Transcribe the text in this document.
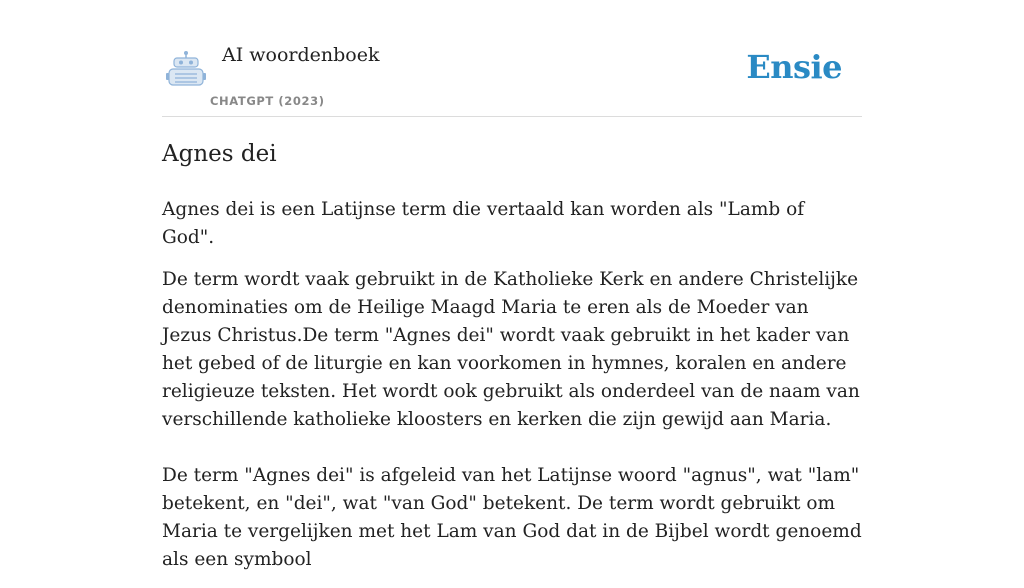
AI woordenboek
CHATGPT (2023)
Ensie
Agnes dei

Agnes dei is een Latijnse term die vertaald kan worden als "Lamb of God".

De term wordt vaak gebruikt in de Katholieke Kerk en andere Christelijke denominaties om de Heilige Maagd Maria te eren als de Moeder van Jezus Christus.De term "Agnes dei" wordt vaak gebruikt in het kader van het gebed of de liturgie en kan voorkomen in hymnes, koralen en andere religieuze teksten. Het wordt ook gebruikt als onderdeel van de naam van verschillende katholieke kloosters en kerken die zijn gewijd aan Maria.

De term "Agnes dei" is afgeleid van het Latijnse woord "agnus", wat "lam" betekent, en "dei", wat "van God" betekent. De term wordt gebruikt om Maria te vergelijken met het Lam van God dat in de Bijbel wordt genoemd als een symbool
